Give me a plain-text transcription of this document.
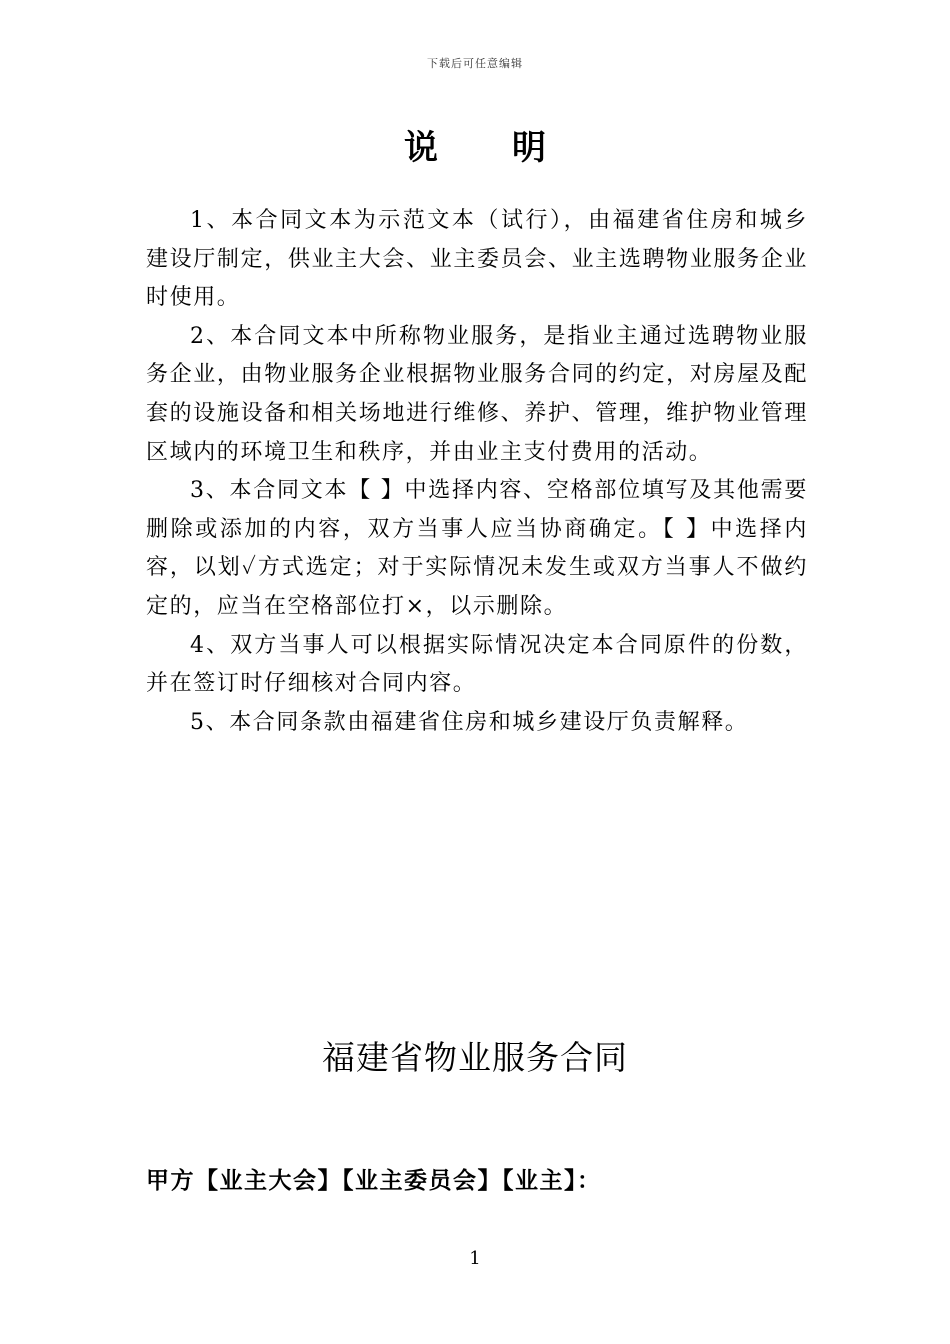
下载后可任意编辑
说明

1、本合同文本为示范文本（试行），由福建省住房和城乡建设厅制定，供业主大会、业主委员会、业主选聘物业服务企业时使用。

2、本合同文本中所称物业服务，是指业主通过选聘物业服务企业，由物业服务企业根据物业服务合同的约定，对房屋及配套的设施设备和相关场地进行维修、养护、管理，维护物业管理区域内的环境卫生和秩序，并由业主支付费用的活动。

3、本合同文本【 】中选择内容、空格部位填写及其他需要删除或添加的内容，双方当事人应当协商确定。【 】中选择内容，以划✓方式选定；对于实际情况未发生或双方当事人不做约定的，应当在空格部位打×，以示删除。

4、双方当事人可以根据实际情况决定本合同原件的份数，并在签订时仔细核对合同内容。

5、本合同条款由福建省住房和城乡建设厅负责解释。

福建省物业服务合同
甲方【业主大会】【业主委员会】【业主】：
1
